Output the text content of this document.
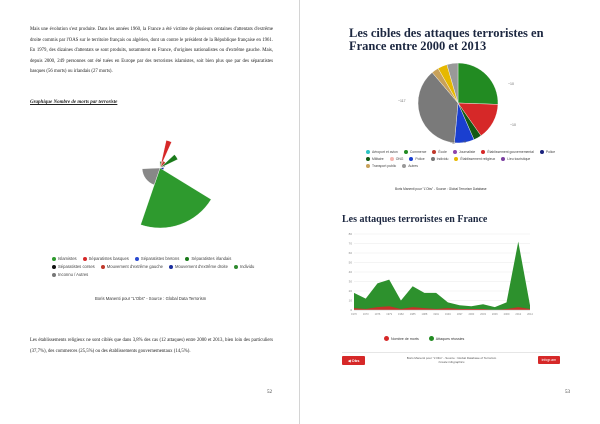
Mais une évolution s'est produite. Dans les années 1960, la France a été victime de plusieurs centaines d'attentats d'extrême droite commis par l'OAS sur le territoire français ou algérien, dont un contre le président de la République française en 1961. En 1979, des dizaines d'attentats se sont produits, notamment en France, d'origines nationalistes ou d'extrême gauche. Mais, depuis 2000, 249 personnes ont été tuées en Europe par des terroristes islamistes, soit bien plus que par des séparatistes basques (56 morts) ou irlandais (27 morts).
Graphique Nombre de morts par terroriste
Islamistes	Séparatistes basques	Séparatistes bretons	Séparatistes irlandais
Séparatistes corses	Mouvement d'extrême gauche	Mouvement d'extrême droite	Individu
Inconnu / Autres
Boris Manenti pour "L'Obs" - Source : Global Data Terrorism
Les établissements religieux ne sont ciblés que dans 3,8% des cas (12 attaques) entre 2000 et 2013, bien loin des particuliers (37,7%), des commerces (25,5%) ou des établissements gouvernementaux (14,5%).
52
Les cibles des attaques terroristes en
France entre 2000 et 2013
~10
~10
~47
~117
~9
Aéroport et avion	Commerce	École	Journaliste	Établissement gouvernemental	Police
Militaire	ONG	Police	Individu	Établissement religieux	Lieu touristique
Transport public	Autres
Boris Manenti pour "L'Obs" - Source : Global Terrorism Database
Les attaques terroristes en France
0
10
20
30
40
50
60
70
80
1970 1973 1976 1979 1982 1985 1988 1991 1994 1997 2000 2003 2006 2009 2012 2014
Nombre de morts	Attaques réussies
◀ Obs	Boris Manenti pour "L'Obs" - Source : Global Database of Terrorism
Create infographics	infogr.am
53
